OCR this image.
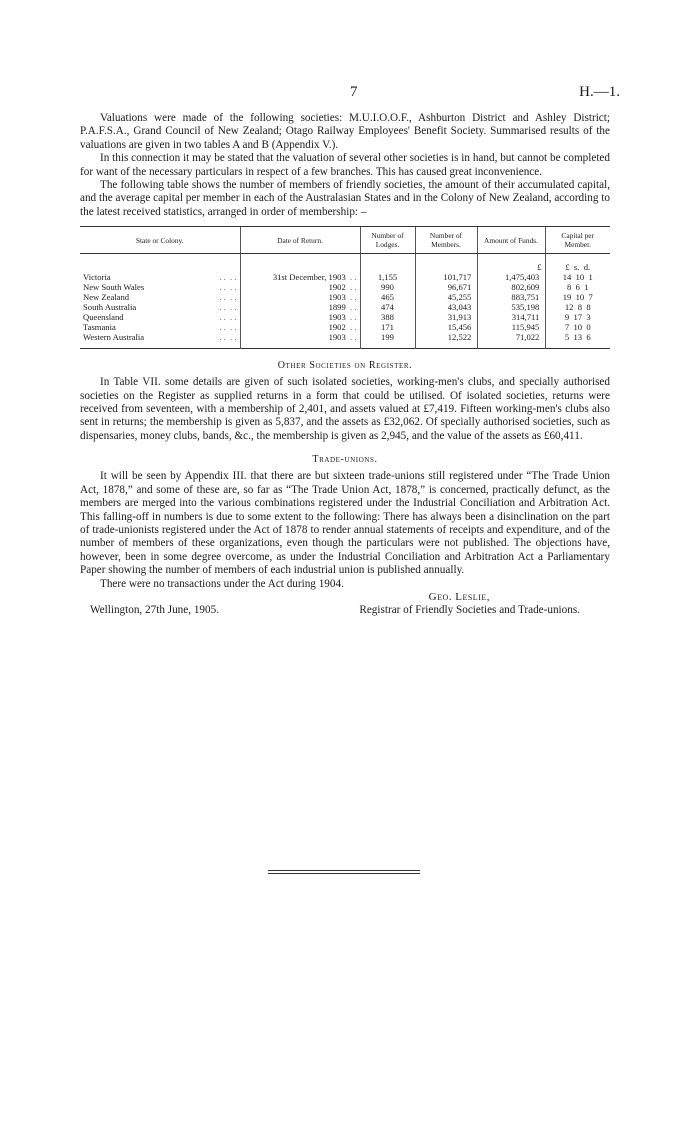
7	H.—1.

Valuations were made of the following societies: M.U.I.O.O.F., Ashburton District and Ashley District; P.A.F.S.A., Grand Council of New Zealand; Otago Railway Employees' Benefit Society. Summarised results of the valuations are given in two tables A and B (Appendix V.).

In this connection it may be stated that the valuation of several other societies is in hand, but cannot be completed for want of the necessary particulars in respect of a few branches. This has caused great inconvenience.

The following table shows the number of members of friendly societies, the amount of their accumulated capital, and the average capital per member in each of the Australasian States and in the Colony of New Zealand, according to the latest received statistics, arranged in order of membership: –

State or Colony.	Date of Return.	Number of Lodges.	Number of Members.	Amount of Funds.	Capital per Member.
				£	£ s. d.
Victoria . .  . .	31st December, 1903  . .	1,155	101,717	1,475,403	14 10 1
New South Wales . .  . .	1902  . .	990	96,671	802,609	8 6 1
New Zealand . .  . .	1903  . .	465	45,255	883,751	19 10 7
South Australia . .  . .	1899  . .	474	43,043	535,198	12 8 8
Queensland . .  . .	1903  . .	388	31,913	314,711	9 17 3
Tasmania . .  . .	1902  . .	171	15,456	115,945	7 10 0
Western Australia . .  . .	1903  . .	199	12,522	71,022	5 13 6
Other Societies on Register.

In Table VII. some details are given of such isolated societies, working-men's clubs, and specially authorised societies on the Register as supplied returns in a form that could be utilised. Of isolated societies, returns were received from seventeen, with a membership of 2,401, and assets valued at £7,419. Fifteen working-men's clubs also sent in returns; the membership is given as 5,837, and the assets as £32,062. Of specially authorised societies, such as dispensaries, money clubs, bands, &c., the membership is given as 2,945, and the value of the assets as £60,411.

Trade-unions.

It will be seen by Appendix III. that there are but sixteen trade-unions still registered under “The Trade Union Act, 1878,” and some of these are, so far as “The Trade Union Act, 1878,” is concerned, practically defunct, as the members are merged into the various combinations registered under the Industrial Conciliation and Arbitration Act. This falling-off in numbers is due to some extent to the following: There has always been a disinclination on the part of trade-unionists registered under the Act of 1878 to render annual statements of receipts and expenditure, and of the number of members of these organizations, even though the particulars were not published. The objections have, however, been in some degree overcome, as under the Industrial Conciliation and Arbitration Act a Parliamentary Paper showing the number of members of each industrial union is published annually.

There were no transactions under the Act during 1904.

Geo. Leslie,
Wellington, 27th June, 1905.	Registrar of Friendly Societies and Trade-unions.
